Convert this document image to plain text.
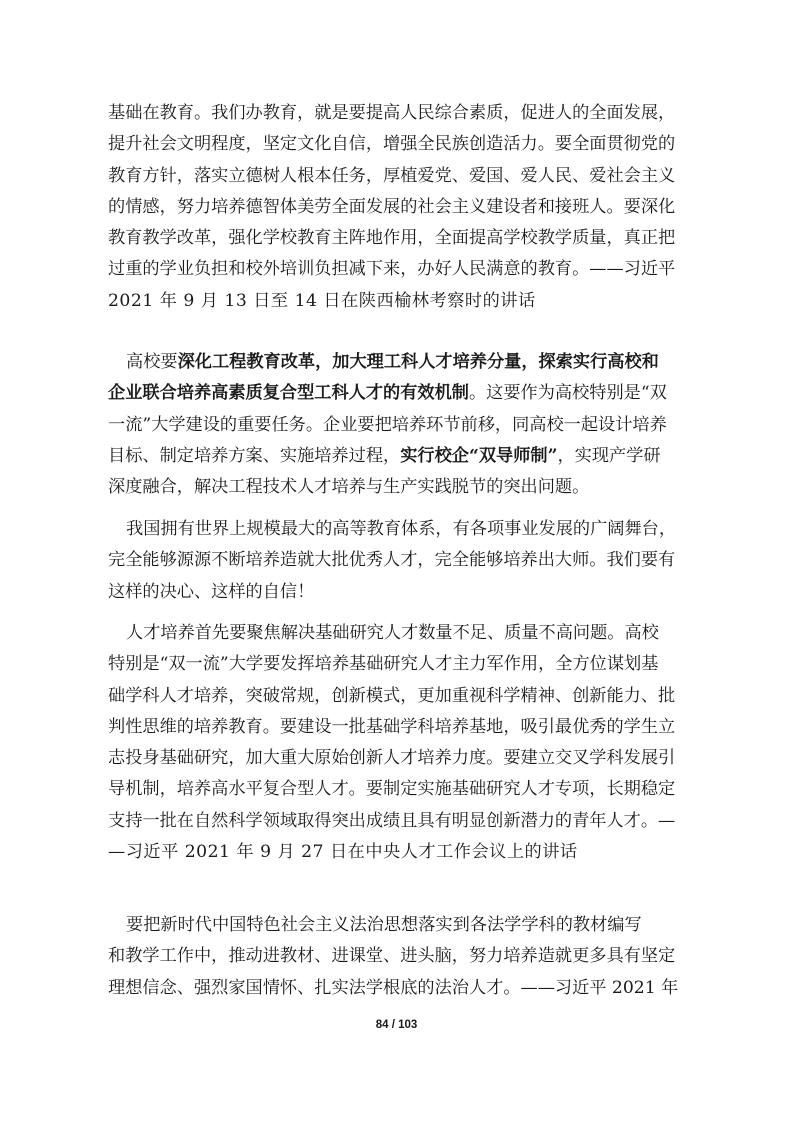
基础在教育。我们办教育，就是要提高人民综合素质，促进人的全面发展，
提升社会文明程度，坚定文化自信，增强全民族创造活力。要全面贯彻党的
教育方针，落实立德树人根本任务，厚植爱党、爱国、爱人民、爱社会主义
的情感，努力培养德智体美劳全面发展的社会主义建设者和接班人。要深化
教育教学改革，强化学校教育主阵地作用，全面提高学校教学质量，真正把
过重的学业负担和校外培训负担减下来，办好人民满意的教育。——习近平
2021 年 9 月 13 日至 14 日在陕西榆林考察时的讲话

高校要深化工程教育改革，加大理工科人才培养分量，探索实行高校和
企业联合培养高素质复合型工科人才的有效机制。这要作为高校特别是“双
一流”大学建设的重要任务。企业要把培养环节前移，同高校一起设计培养
目标、制定培养方案、实施培养过程，实行校企“双导师制”，实现产学研
深度融合，解决工程技术人才培养与生产实践脱节的突出问题。

我国拥有世界上规模最大的高等教育体系，有各项事业发展的广阔舞台，
完全能够源源不断培养造就大批优秀人才，完全能够培养出大师。我们要有
这样的决心、这样的自信！

人才培养首先要聚焦解决基础研究人才数量不足、质量不高问题。高校
特别是“双一流”大学要发挥培养基础研究人才主力军作用，全方位谋划基
础学科人才培养，突破常规，创新模式，更加重视科学精神、创新能力、批
判性思维的培养教育。要建设一批基础学科培养基地，吸引最优秀的学生立
志投身基础研究，加大重大原始创新人才培养力度。要建立交叉学科发展引
导机制，培养高水平复合型人才。要制定实施基础研究人才专项，长期稳定
支持一批在自然科学领域取得突出成绩且具有明显创新潜力的青年人才。—
—习近平 2021 年 9 月 27 日在中央人才工作会议上的讲话

要把新时代中国特色社会主义法治思想落实到各法学学科的教材编写
和教学工作中，推动进教材、进课堂、进头脑，努力培养造就更多具有坚定
理想信念、强烈家国情怀、扎实法学根底的法治人才。——习近平 2021 年

84 / 103
